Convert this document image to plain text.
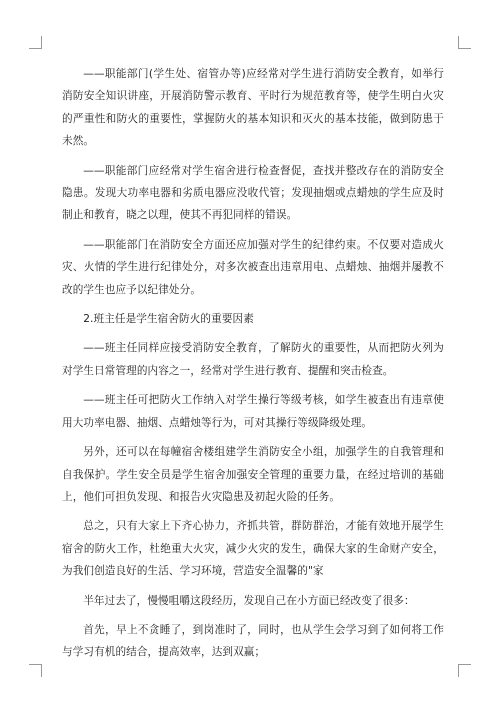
——职能部门(学生处、宿管办等)应经常对学生进行消防安全教育，如举行消防安全知识讲座，开展消防警示教育、平时行为规范教育等，使学生明白火灾的严重性和防火的重要性，掌握防火的基本知识和灭火的基本技能，做到防患于未然。

——职能部门应经常对学生宿舍进行检查督促，查找并整改存在的消防安全隐患。发现大功率电器和劣质电器应没收代管；发现抽烟或点蜡烛的学生应及时制止和教育，晓之以理，使其不再犯同样的错误。

——职能部门在消防安全方面还应加强对学生的纪律约束。不仅要对造成火灾、火情的学生进行纪律处分，对多次被查出违章用电、点蜡烛、抽烟并屡教不改的学生也应予以纪律处分。

2.班主任是学生宿舍防火的重要因素

——班主任同样应接受消防安全教育，了解防火的重要性，从而把防火列为对学生日常管理的内容之一，经常对学生进行教育、提醒和突击检查。

——班主任可把防火工作纳入对学生操行等级考核，如学生被查出有违章使用大功率电器、抽烟、点蜡烛等行为，可对其操行等级降级处理。

另外，还可以在每幢宿舍楼组建学生消防安全小组，加强学生的自我管理和自我保护。学生安全员是学生宿舍加强安全管理的重要力量，在经过培训的基础上，他们可担负发现、和报告火灾隐患及初起火险的任务。

总之，只有大家上下齐心协力，齐抓共管，群防群治，才能有效地开展学生宿舍的防火工作，杜绝重大火灾，减少火灾的发生，确保大家的生命财产安全，为我们创造良好的生活、学习环境，营造安全温馨的"家

半年过去了，慢慢咀嚼这段经历，发现自己在小方面已经改变了很多：

首先，早上不贪睡了，到岗准时了，同时，也从学生会学习到了如何将工作与学习有机的结合，提高效率，达到双赢；
